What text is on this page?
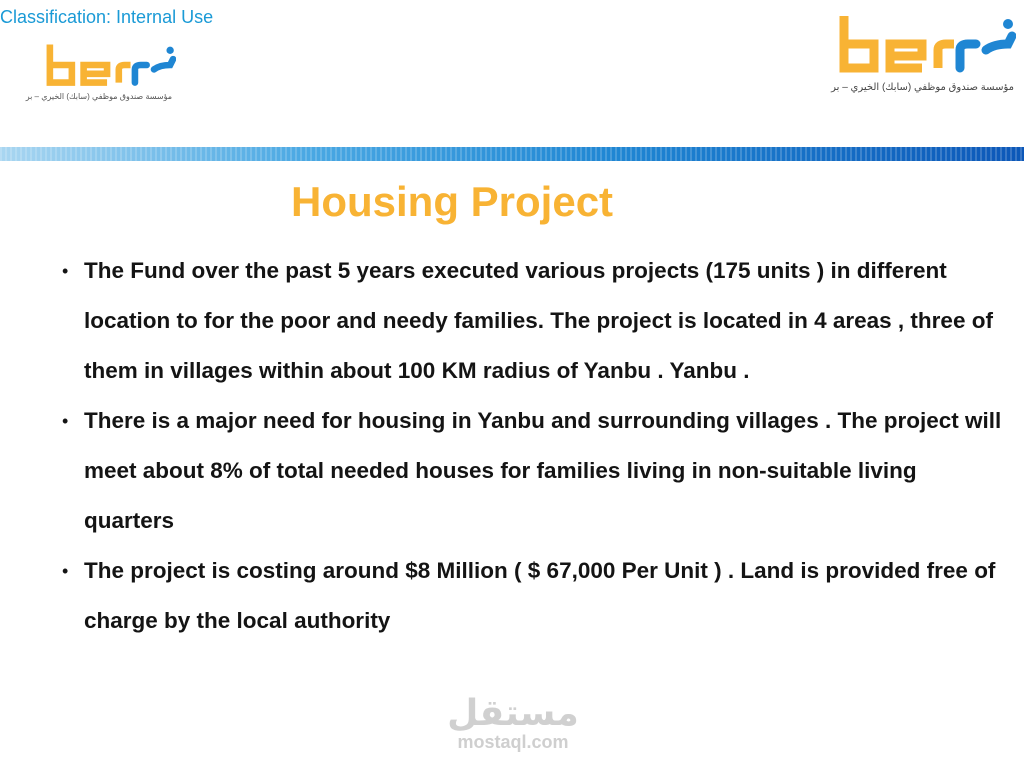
Classification: Internal Use
مؤسسة صندوق موظفي (سابك) الخيري – بر
مؤسسة صندوق موظفي (سابك) الخيري – بر
Housing Project
• The Fund over the past 5 years executed various projects (175 units ) in different location to for the poor and needy families. The project is located in 4 areas , three of them in villages within about 100 KM radius of Yanbu . Yanbu .
• There is a major need for housing in Yanbu and surrounding villages . The project will meet about 8% of total needed houses for families living in non-suitable living quarters
• The project is costing around $8 Million ( $ 67,000 Per Unit ) . Land is provided free of charge by the local authority
مستقل
mostaql.com
